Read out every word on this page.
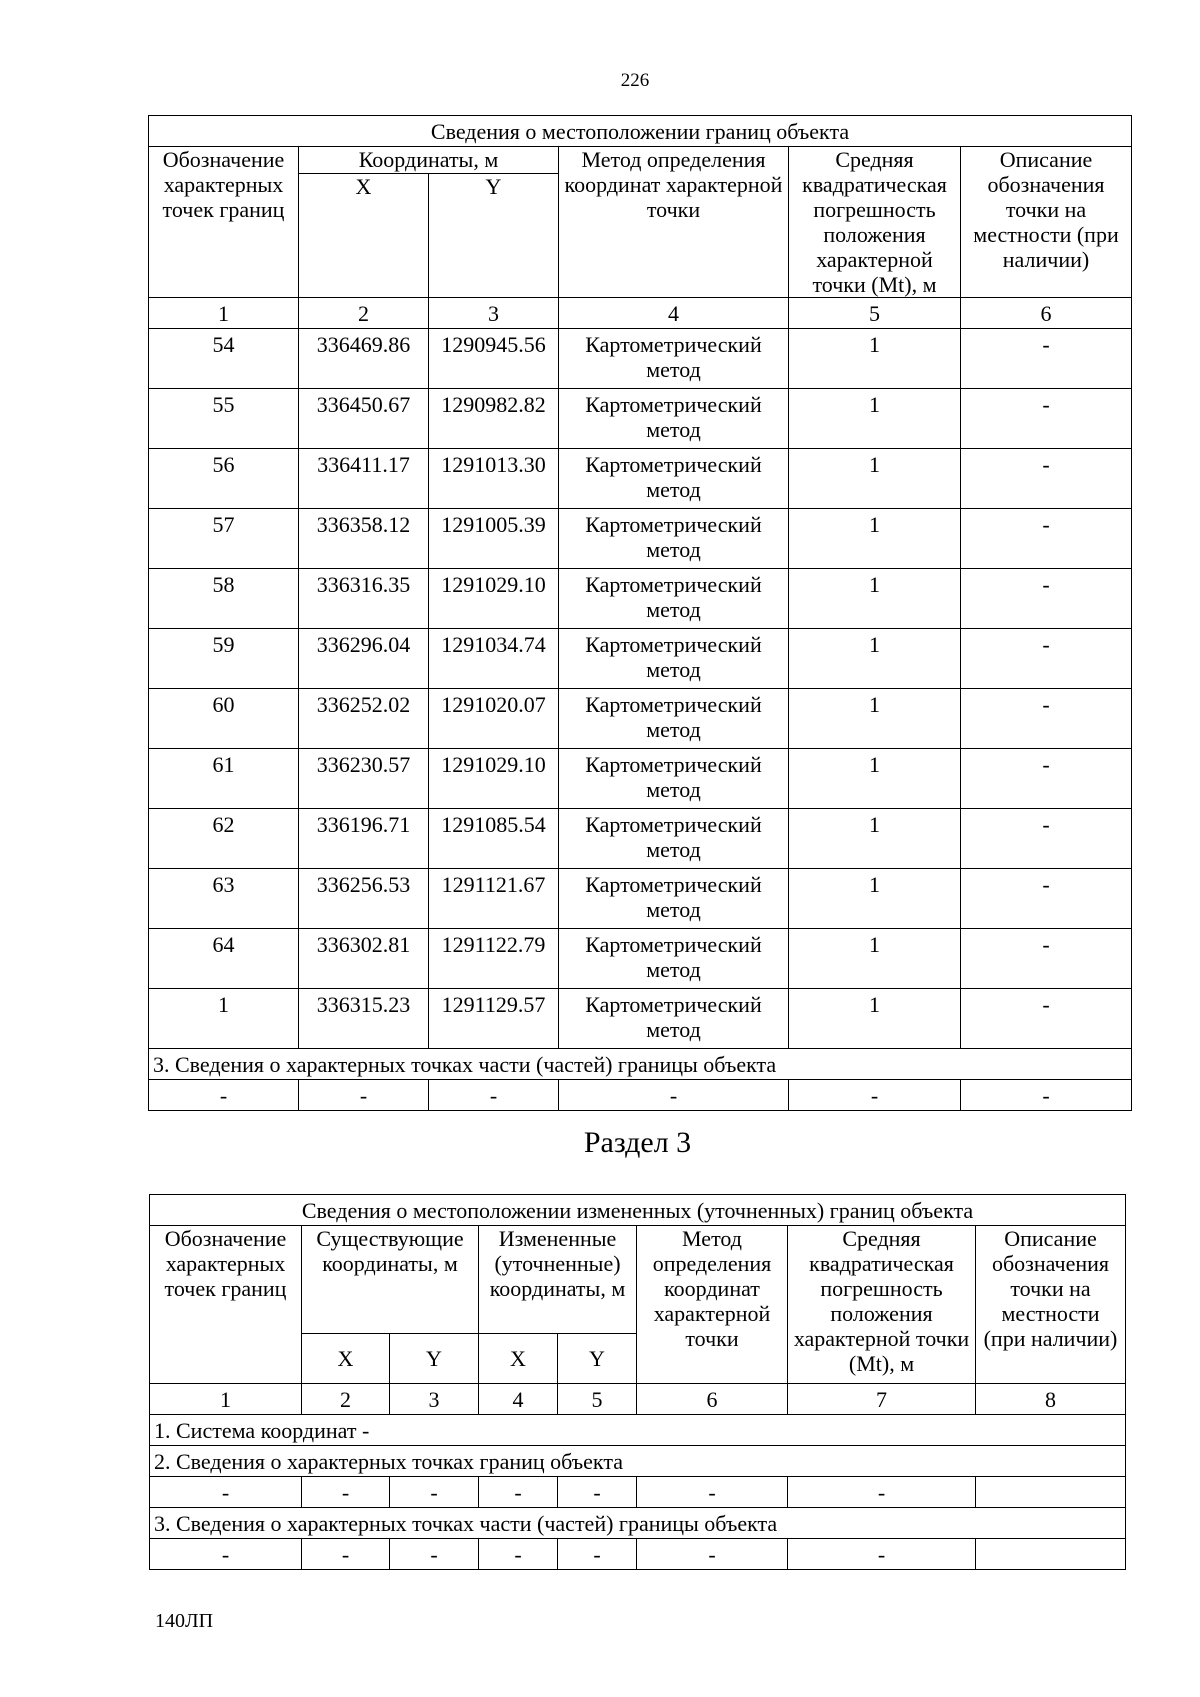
226
Сведения о местоположении границ объекта					
Обозначение характерных точек границ	Координаты, м		Метод определения координат характерной точки	Средняя квадратическая погрешность положения характерной точки (Mt), м	Описание обозначения точки на местности (при наличии)
	X	Y			
1	2	3	4	5	6
54	336469.86	1290945.56	Картометрический метод	1	-
55	336450.67	1290982.82	Картометрический метод	1	-
56	336411.17	1291013.30	Картометрический метод	1	-
57	336358.12	1291005.39	Картометрический метод	1	-
58	336316.35	1291029.10	Картометрический метод	1	-
59	336296.04	1291034.74	Картометрический метод	1	-
60	336252.02	1291020.07	Картометрический метод	1	-
61	336230.57	1291029.10	Картометрический метод	1	-
62	336196.71	1291085.54	Картометрический метод	1	-
63	336256.53	1291121.67	Картометрический метод	1	-
64	336302.81	1291122.79	Картометрический метод	1	-
1	336315.23	1291129.57	Картометрический метод	1	-
3. Сведения о характерных точках части (частей) границы объекта					
-	-	-	-	-	-
Раздел 3
Сведения о местоположении измененных (уточненных) границ объекта							
Обозначение характерных точек границ	Существующие координаты, м		Измененные (уточненные) координаты, м		Метод определения координат характерной точки	Средняя квадратическая погрешность положения характерной точки (Mt), м	Описание обозначения точки на местности (при наличии)
	X	Y	X	Y			
1	2	3	4	5	6	7	8
1. Система координат -							
2. Сведения о характерных точках границ объекта							
-	-	-	-	-	-	-	
3. Сведения о характерных точках части (частей) границы объекта							
-	-	-	-	-	-	-	
140ЛП
